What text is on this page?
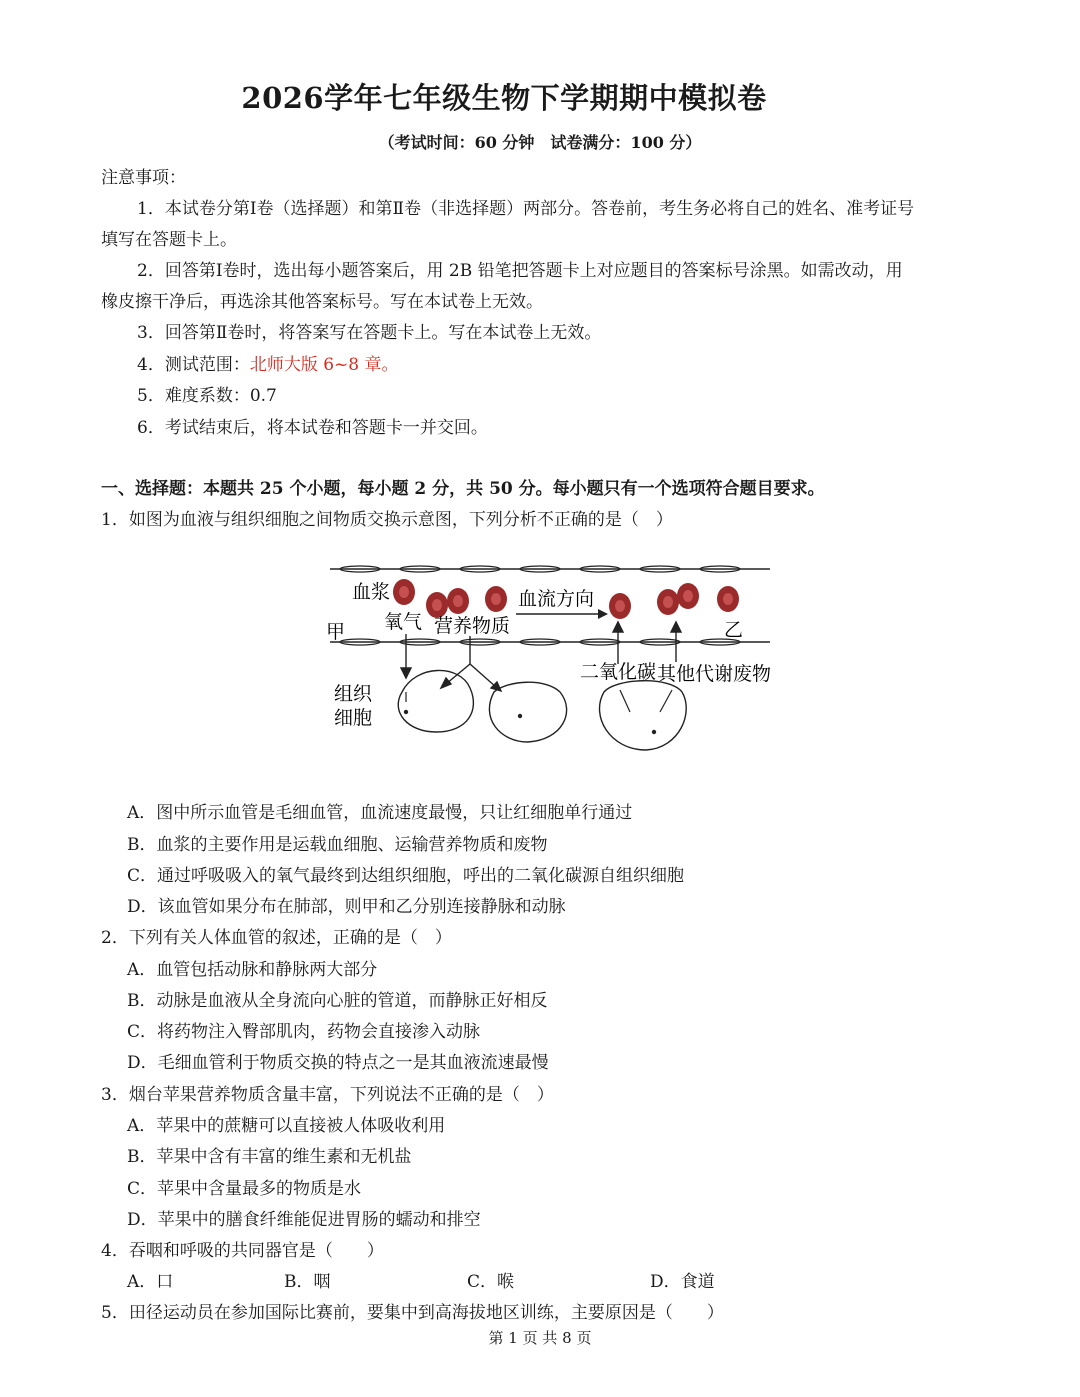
2026学年七年级生物下学期期中模拟卷
（考试时间：60 分钟　试卷满分：100 分）
注意事项：
1．本试卷分第Ⅰ卷（选择题）和第Ⅱ卷（非选择题）两部分。答卷前，考生务必将自己的姓名、准考证号
填写在答题卡上。
2．回答第Ⅰ卷时，选出每小题答案后，用 2B 铅笔把答题卡上对应题目的答案标号涂黑。如需改动，用
橡皮擦干净后，再选涂其他答案标号。写在本试卷上无效。
3．回答第Ⅱ卷时，将答案写在答题卡上。写在本试卷上无效。
4．测试范围：北师大版 6~8 章。
5．难度系数：0.7
6．考试结束后，将本试卷和答题卡一并交回。
一、选择题：本题共 25 个小题，每小题 2 分，共 50 分。每小题只有一个选项符合题目要求。
1．如图为血液与组织细胞之间物质交换示意图，下列分析不正确的是（　）
血浆	血流方向
甲	乙
氧气 营养物质
二氧化碳 其他代谢废物
组织
细胞
A．图中所示血管是毛细血管，血流速度最慢，只让红细胞单行通过
B．血浆的主要作用是运载血细胞、运输营养物质和废物
C．通过呼吸吸入的氧气最终到达组织细胞，呼出的二氧化碳源自组织细胞
D．该血管如果分布在肺部，则甲和乙分别连接静脉和动脉
2．下列有关人体血管的叙述，正确的是（　）
A．血管包括动脉和静脉两大部分
B．动脉是血液从全身流向心脏的管道，而静脉正好相反
C．将药物注入臀部肌肉，药物会直接渗入动脉
D．毛细血管利于物质交换的特点之一是其血液流速最慢
3．烟台苹果营养物质含量丰富，下列说法不正确的是（　）
A．苹果中的蔗糖可以直接被人体吸收利用
B．苹果中含有丰富的维生素和无机盐
C．苹果中含量最多的物质是水
D．苹果中的膳食纤维能促进胃肠的蠕动和排空
4．吞咽和呼吸的共同器官是（　　）
A．口	B．咽	C．喉	D．食道
5．田径运动员在参加国际比赛前，要集中到高海拔地区训练，主要原因是（　　）
第 1 页 共 8 页
